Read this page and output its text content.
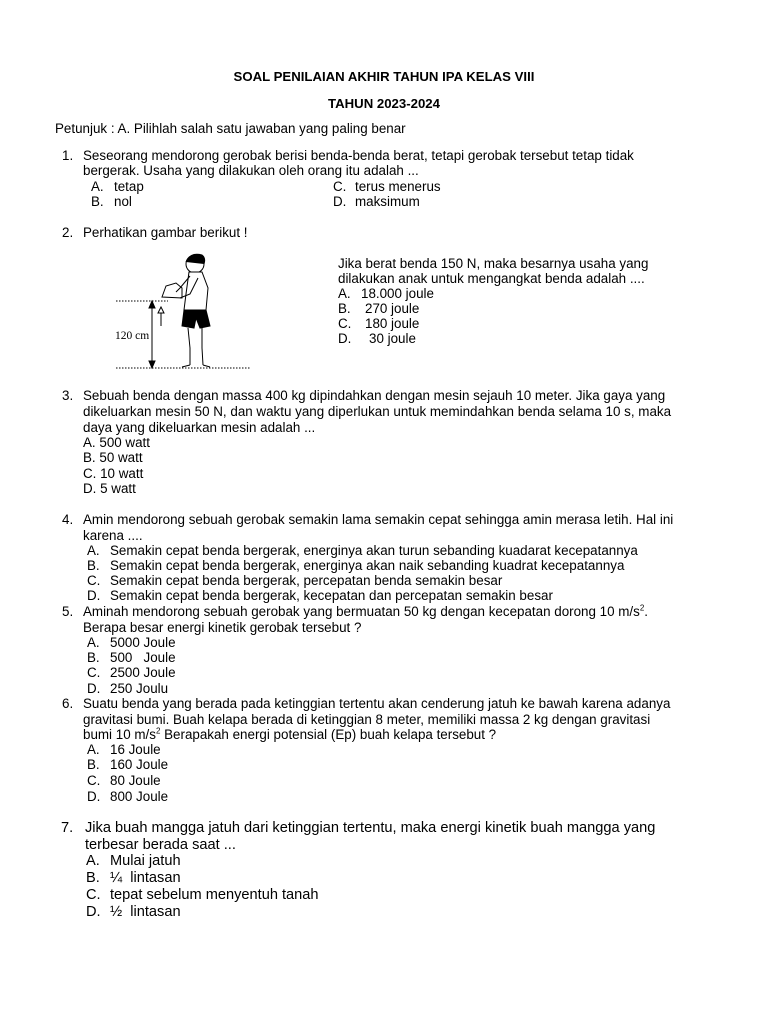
SOAL PENILAIAN AKHIR TAHUN IPA KELAS VIII
TAHUN 2023-2024
Petunjuk : A. Pilihlah salah satu jawaban yang paling benar
1. Seseorang mendorong gerobak berisi benda-benda berat, tetapi gerobak tersebut tetap tidak
bergerak. Usaha yang dilakukan oleh orang itu adalah ...
A. tetap
B. nol
C. terus menerus
D. maksimum
2. Perhatikan gambar berikut !
120 cm
Jika berat benda 150 N, maka besarnya usaha yang
dilakukan anak untuk mengangkat benda adalah ....
A. 18.000 joule
B. 270 joule
C. 180 joule
D. 30 joule
3. Sebuah benda dengan massa 400 kg dipindahkan dengan mesin sejauh 10 meter. Jika gaya yang
dikeluarkan mesin 50 N, dan waktu yang diperlukan untuk memindahkan benda selama 10 s, maka
daya yang dikeluarkan mesin adalah ...
A. 500 watt
B. 50 watt
C. 10 watt
D. 5 watt
4. Amin mendorong sebuah gerobak semakin lama semakin cepat sehingga amin merasa letih. Hal ini
karena ....
A. Semakin cepat benda bergerak, energinya akan turun sebanding kuadarat kecepatannya
B. Semakin cepat benda bergerak, energinya akan naik sebanding kuadrat kecepatannya
C. Semakin cepat benda bergerak, percepatan benda semakin besar
D. Semakin cepat benda bergerak, kecepatan dan percepatan semakin besar
5. Aminah mendorong sebuah gerobak yang bermuatan 50 kg dengan kecepatan dorong 10 $m/s^2$.
Berapa besar energi kinetik gerobak tersebut ?
A. 5000 Joule
B. 500   Joule
C. 2500 Joule
D. 250 Joulu
6. Suatu benda yang berada pada ketinggian tertentu akan cenderung jatuh ke bawah karena adanya
gravitasi bumi. Buah kelapa berada di ketinggian 8 meter, memiliki massa 2 kg dengan gravitasi
bumi 10 $m/s^2$ Berapakah energi potensial (Ep) buah kelapa tersebut ?
A. 16 Joule
B. 160 Joule
C. 80 Joule
D. 800 Joule
7. Jika buah mangga jatuh dari ketinggian tertentu, maka energi kinetik buah mangga yang
terbesar berada saat ...
A. Mulai jatuh
B. ¼  lintasan
C. tepat sebelum menyentuh tanah
D. ½  lintasan
